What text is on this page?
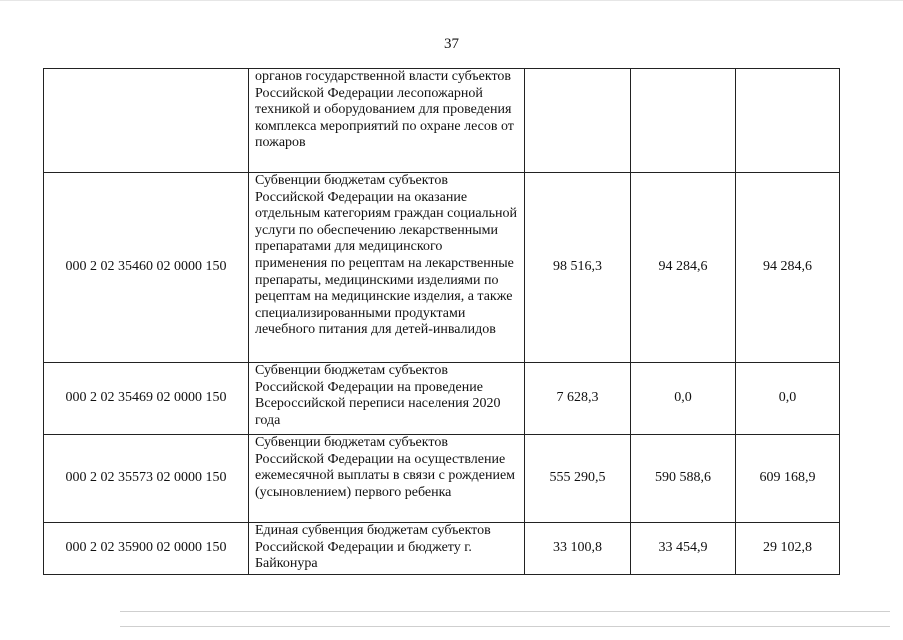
37
	органов государственной власти субъектов Российской Федерации лесопожарной техникой и оборудованием для проведения комплекса мероприятий по охране лесов от пожаров			
000 2 02 35460 02 0000 150	Субвенции бюджетам субъектов Российской Федерации на оказание отдельным категориям граждан социальной услуги по обеспечению лекарственными препаратами для медицинского применения по рецептам на лекарственные препараты, медицинскими изделиями по рецептам на медицинские изделия, а также специализированными продуктами лечебного питания для детей-инвалидов	98 516,3	94 284,6	94 284,6
000 2 02 35469 02 0000 150	Субвенции бюджетам субъектов Российской Федерации на проведение Всероссийской переписи населения 2020 года	7 628,3	0,0	0,0
000 2 02 35573 02 0000 150	Субвенции бюджетам субъектов Российской Федерации на осуществление ежемесячной выплаты в связи с рождением (усыновлением) первого ребенка	555 290,5	590 588,6	609 168,9
000 2 02 35900 02 0000 150	Единая субвенция бюджетам субъектов Российской Федерации и бюджету г. Байконура	33 100,8	33 454,9	29 102,8
